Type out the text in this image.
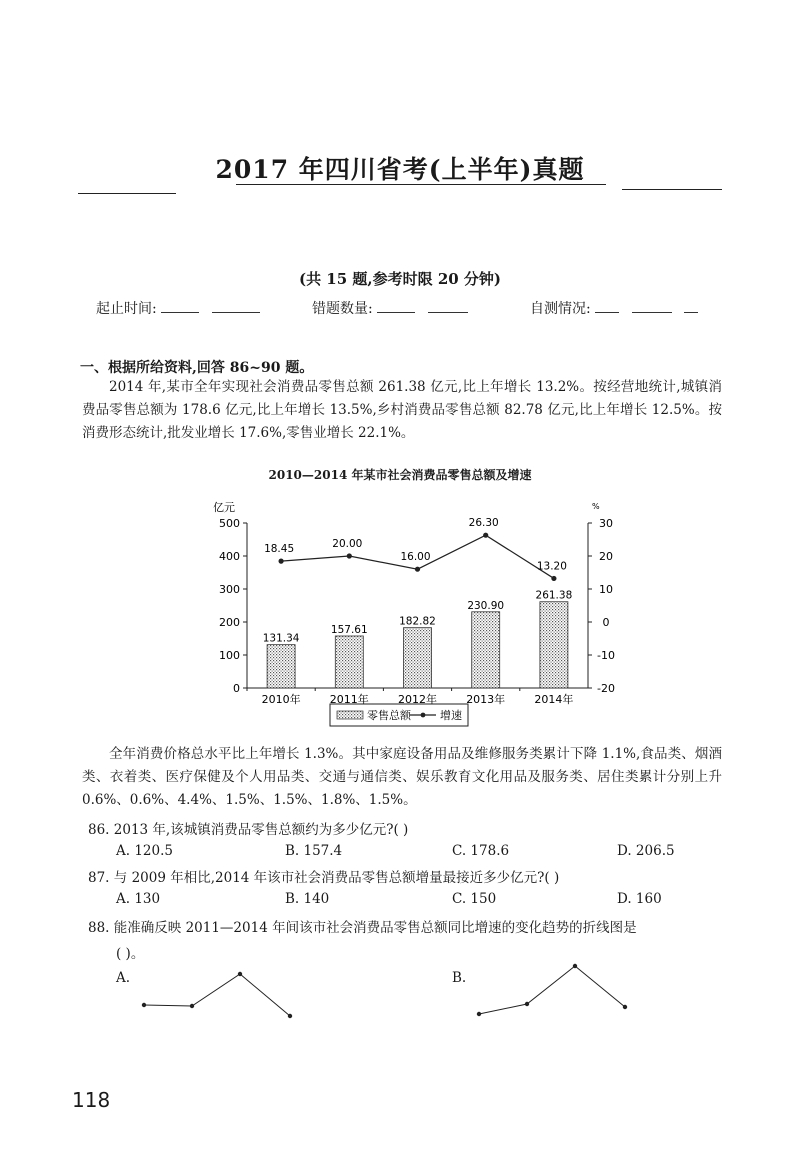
2017 年四川省考(上半年)真题
(共 15 题,参考时限 20 分钟)
起止时间:	错题数量:	自测情况:
一、根据所给资料,回答 86~90 题。
2014 年,某市全年实现社会消费品零售总额 261.38 亿元,比上年增长 13.2%。按经营地统计,城镇消费品零售总额为 178.6 亿元,比上年增长 13.5%,乡村消费品零售总额 82.78 亿元,比上年增长 12.5%。按消费形态统计,批发业增长 17.6%,零售业增长 22.1%。
2010—2014 年某市社会消费品零售总额及增速
亿元	%
0
100
200
300
400
500
-20
-10
0
10
20
30
131.34
157.61
182.82
230.90
261.38
2010年	2011年	2012年	2013年	2014年
18.45	20.00
16.00
26.30
13.20
零售总额	增速
全年消费价格总水平比上年增长 1.3%。其中家庭设备用品及维修服务类累计下降 1.1%,食品类、烟酒类、衣着类、医疗保健及个人用品类、交通与通信类、娱乐教育文化用品及服务类、居住类累计分别上升 0.6%、0.6%、4.4%、1.5%、1.5%、1.8%、1.5%。
86. 2013 年,该城镇消费品零售总额约为多少亿元?( )
A. 120.5	B. 157.4	C. 178.6	D. 206.5
87. 与 2009 年相比,2014 年该市社会消费品零售总额增量最接近多少亿元?( )
A. 130	B. 140	C. 150	D. 160
88. 能准确反映 2011—2014 年间该市社会消费品零售总额同比增速的变化趋势的折线图是
( )。
A.	B.
118
